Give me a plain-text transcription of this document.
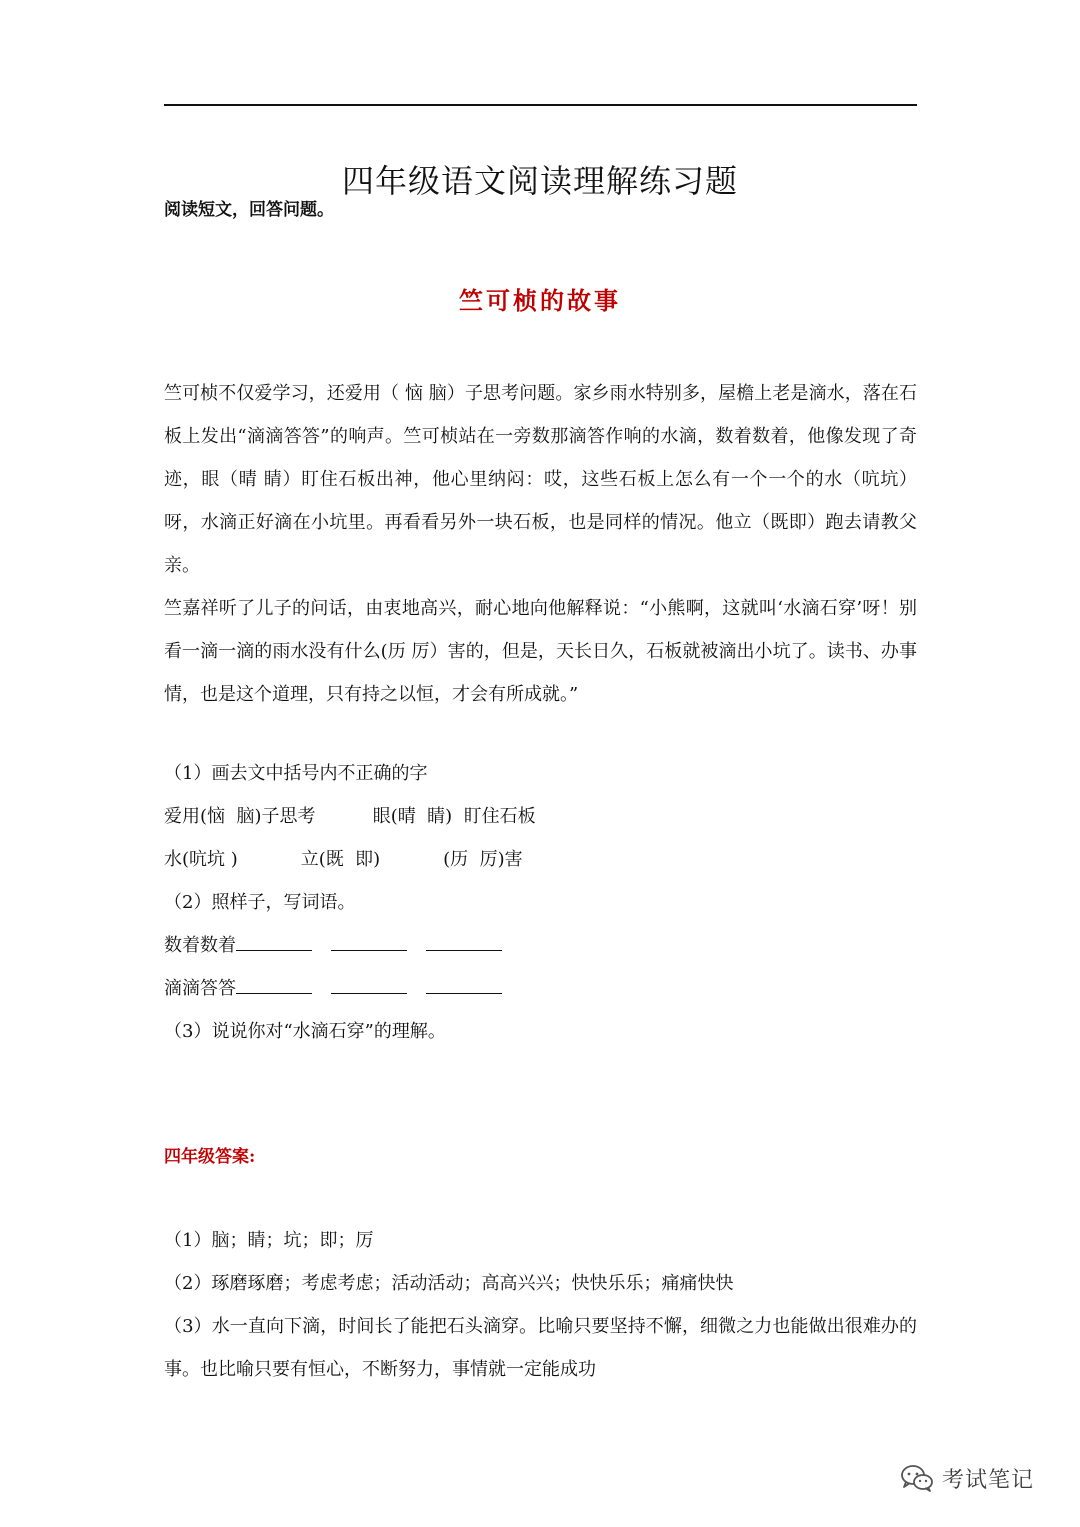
四年级语文阅读理解练习题
阅读短文，回答问题。
竺可桢的故事

竺可桢不仅爱学习，还爱用（ 恼 脑）子思考问题。家乡雨水特别多，屋檐上老是滴水，落在石板上发出“滴滴答答”的响声。竺可桢站在一旁数那滴答作响的水滴，数着数着，他像发现了奇迹，眼（晴 睛）盯住石板出神，他心里纳闷：哎，这些石板上怎么有一个一个的水（吭坑）呀，水滴正好滴在小坑里。再看看另外一块石板，也是同样的情况。他立（既即）跑去请教父亲。

竺嘉祥听了儿子的问话，由衷地高兴，耐心地向他解释说：“小熊啊，这就叫‘水滴石穿’呀！别看一滴一滴的雨水没有什么(历 厉）害的，但是，天长日久，石板就被滴出小坑了。读书、办事情，也是这个道理，只有持之以恒，才会有所成就。”

（1）画去文中括号内不正确的字
爱用(恼  脑)子思考          眼(晴  睛)  盯住石板
水(吭坑 )           立(既  即)           (历  厉)害
（2）照样子，写词语。
数着数着
滴滴答答
（3）说说你对“水滴石穿”的理解。
四年级答案:
（1）脑；睛；坑；即；厉
（2）琢磨琢磨；考虑考虑；活动活动；高高兴兴；快快乐乐；痛痛快快

（3）水一直向下滴，时间长了能把石头滴穿。比喻只要坚持不懈，细微之力也能做出很难办的事。也比喻只要有恒心，不断努力，事情就一定能成功

考试笔记
